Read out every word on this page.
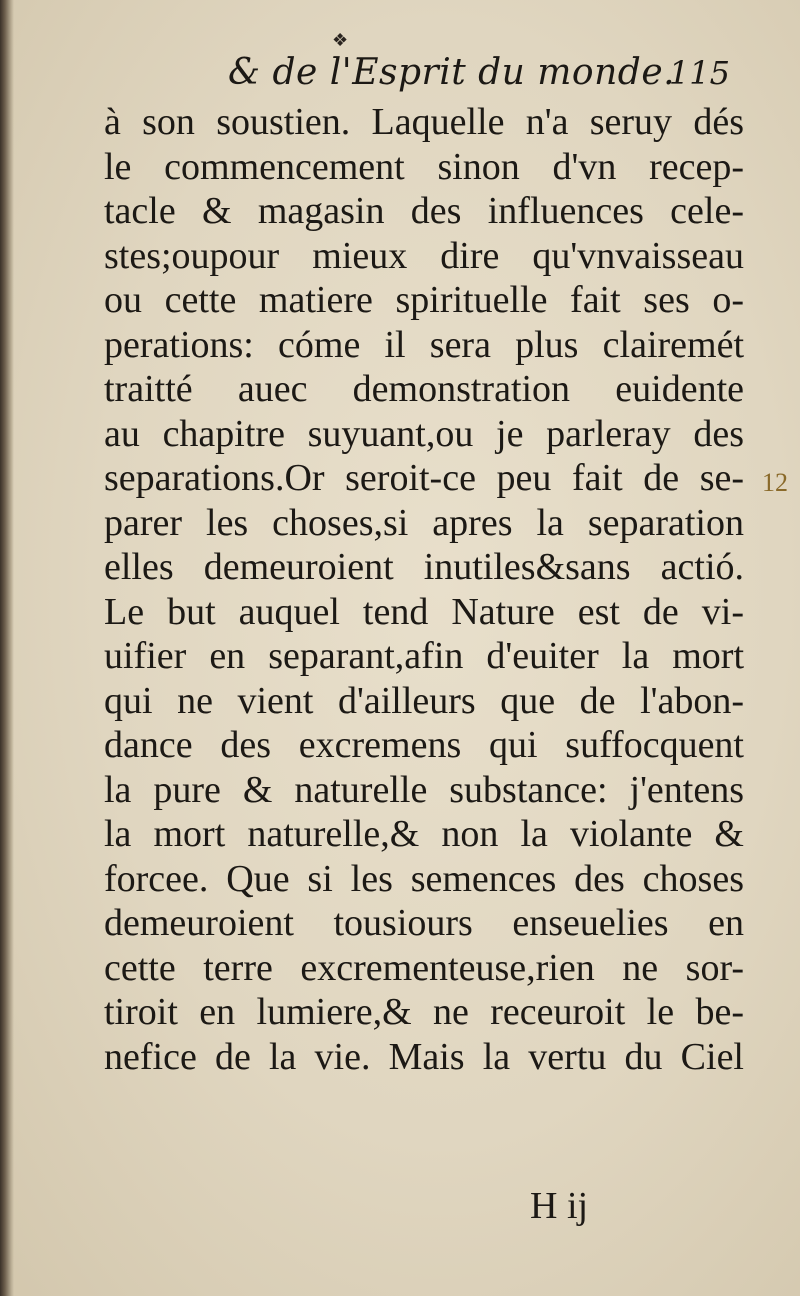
❖
& de l'Esprit du monde.
115
à son soustien. Laquelle n'a seruy dés
le commencement sinon d'vn recep-
tacle & magasin des influences cele-
stes;oupour mieux dire qu'vnvaisseau
ou cette matiere spirituelle fait ses o-
perations: cóme il sera plus clairemét
traitté auec demonstration euidente
au chapitre suyuant,ou je parleray des
separations.Or seroit-ce peu fait de se-
parer les choses,si apres la separation
elles demeuroient inutiles&sans actió.
Le but auquel tend Nature est de vi-
uifier en separant,afin d'euiter la mort
qui ne vient d'ailleurs que de l'abon-
dance des excremens qui suffocquent
la pure & naturelle substance: j'entens
la mort naturelle,& non la violante &
forcee. Que si les semences des choses
demeuroient tousiours enseuelies en
cette terre excrementeuse,rien ne sor-
tiroit en lumiere,& ne receuroit le be-
nefice de la vie. Mais la vertu du Ciel
H ij
12
